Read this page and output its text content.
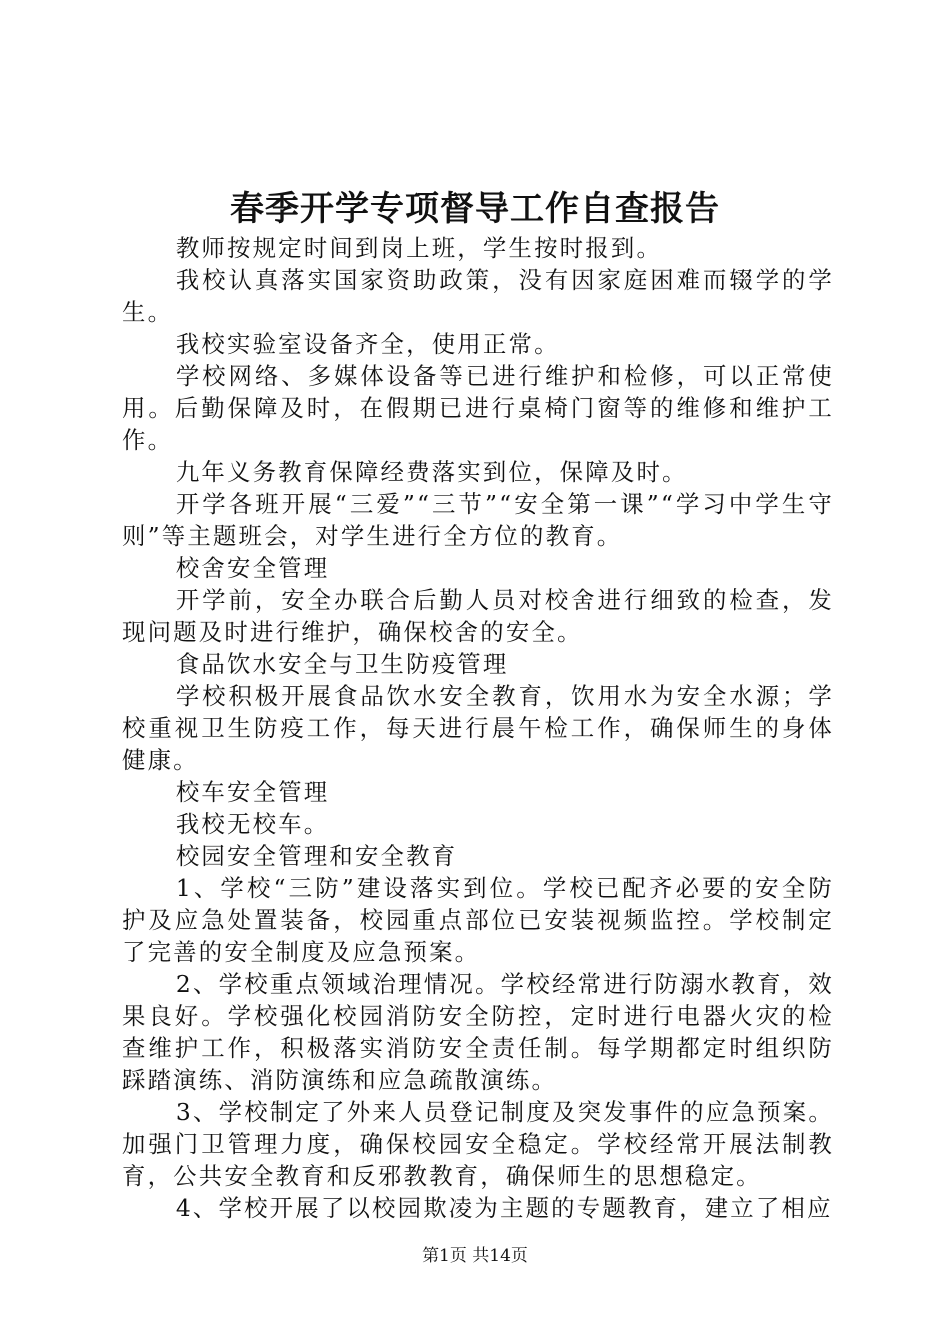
春季开学专项督导工作自查报告

教师按规定时间到岗上班，学生按时报到。

我校认真落实国家资助政策，没有因家庭困难而辍学的学生。

我校实验室设备齐全，使用正常。

学校网络、多媒体设备等已进行维护和检修，可以正常使用。后勤保障及时，在假期已进行桌椅门窗等的维修和维护工作。

九年义务教育保障经费落实到位，保障及时。

开学各班开展“三爱”“三节”“安全第一课”“学习中学生守则”等主题班会，对学生进行全方位的教育。

校舍安全管理

开学前，安全办联合后勤人员对校舍进行细致的检查，发现问题及时进行维护，确保校舍的安全。

食品饮水安全与卫生防疫管理

学校积极开展食品饮水安全教育，饮用水为安全水源；学校重视卫生防疫工作，每天进行晨午检工作，确保师生的身体健康。

校车安全管理

我校无校车。

校园安全管理和安全教育

1、学校“三防”建设落实到位。学校已配齐必要的安全防护及应急处置装备，校园重点部位已安装视频监控。学校制定了完善的安全制度及应急预案。

2、学校重点领域治理情况。学校经常进行防溺水教育，效果良好。学校强化校园消防安全防控，定时进行电器火灾的检查维护工作，积极落实消防安全责任制。每学期都定时组织防踩踏演练、消防演练和应急疏散演练。

3、学校制定了外来人员登记制度及突发事件的应急预案。加强门卫管理力度，确保校园安全稳定。学校经常开展法制教育，公共安全教育和反邪教教育，确保师生的思想稳定。

4、学校开展了以校园欺凌为主题的专题教育，建立了相应

第1页 共14页
